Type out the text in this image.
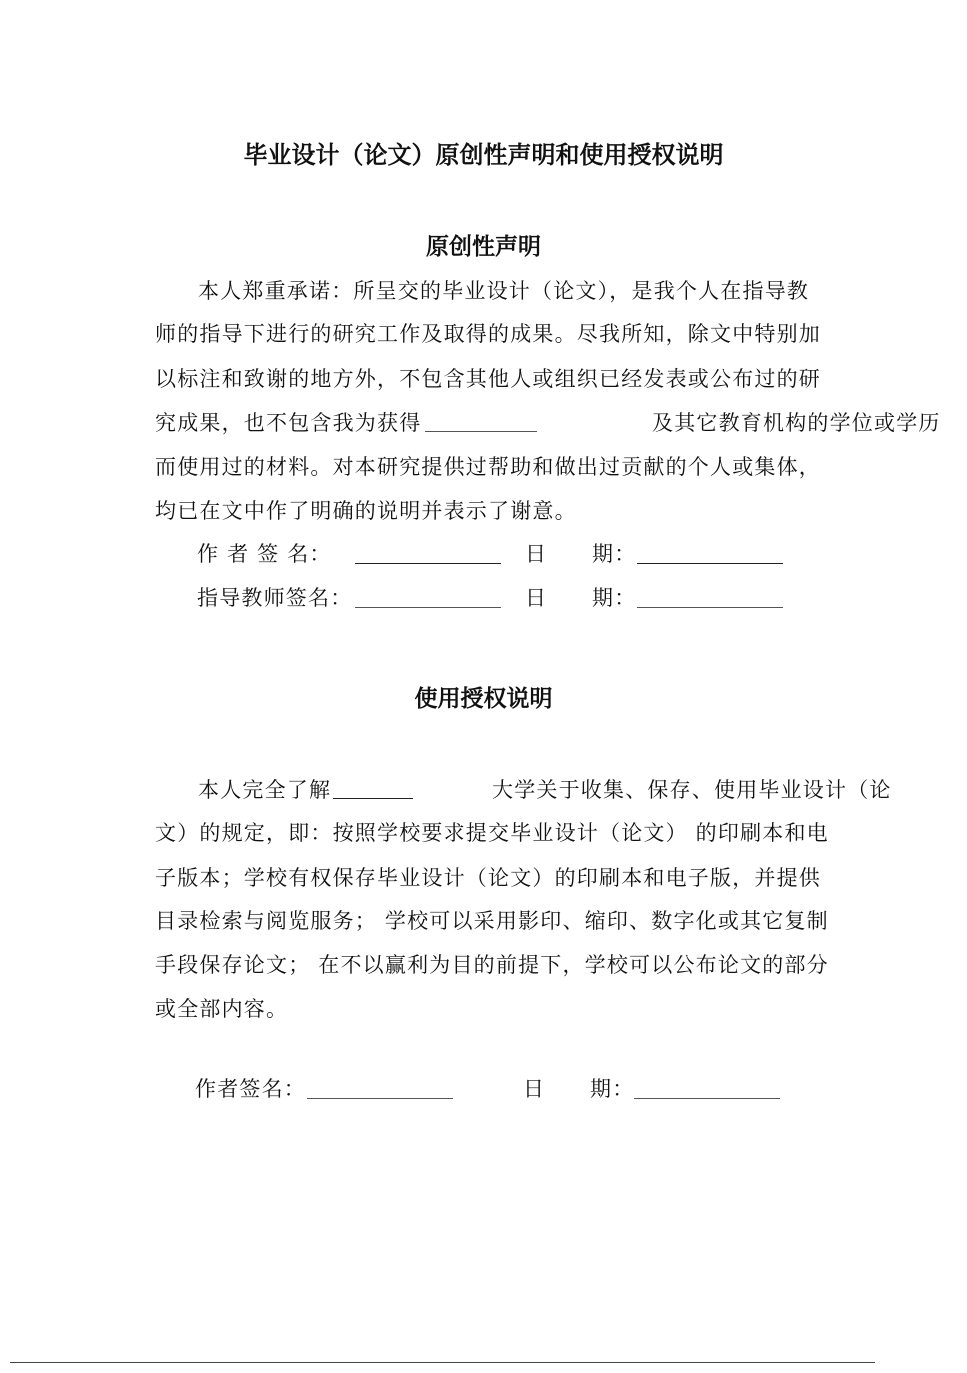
毕业设计（论文）原创性声明和使用授权说明
原创性声明
本人郑重承诺：所呈交的毕业设计（论文），是我个人在指导教
师的指导下进行的研究工作及取得的成果。尽我所知，除文中特别加
以标注和致谢的地方外，不包含其他人或组织已经发表或公布过的研
究成果，也不包含我为获得	及其它教育机构的学位或学历
而使用过的材料。对本研究提供过帮助和做出过贡献的个人或集体，
均已在文中作了明确的说明并表示了谢意。
作 者 签 名：	日 期：
指导教师签名：	日 期：
使用授权说明
本人完全了解	大学关于收集、保存、使用毕业设计（论
文）的规定，即：按照学校要求提交毕业设计（论文） 的印刷本和电
子版本；学校有权保存毕业设计（论文）的印刷本和电子版，并提供
目录检索与阅览服务； 学校可以采用影印、缩印、数字化或其它复制
手段保存论文； 在不以赢利为目的前提下，学校可以公布论文的部分
或全部内容。
作者签名：	日 期：
